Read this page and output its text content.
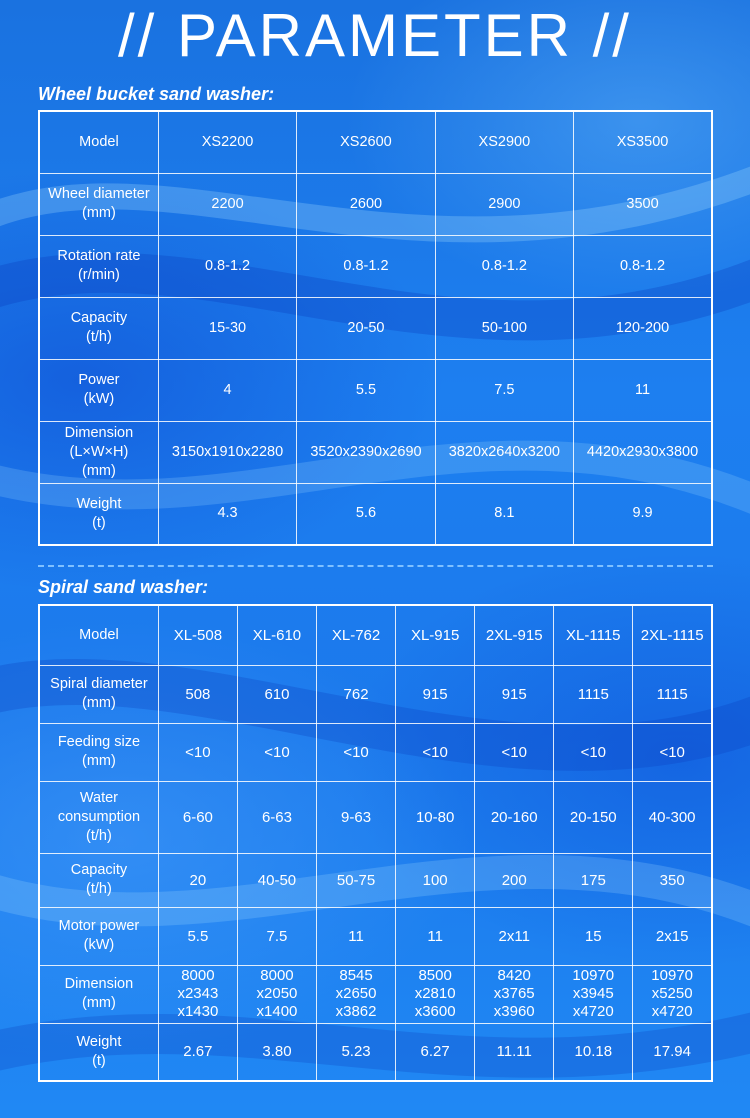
// PARAMETER //
Wheel bucket sand washer:
Model	XS2200	XS2600	XS2900	XS3500

Wheel diameter
(mm)	2200	2600	2900	3500

Rotation rate
(r/min)	0.8-1.2	0.8-1.2	0.8-1.2	0.8-1.2

Capacity
(t/h)	15-30	20-50	50-100	120-200

Power
(kW)	4	5.5	7.5	11

Dimension
(L×W×H)
(mm)	3150x1910x2280	3520x2390x2690	3820x2640x3200	4420x2930x3800

Weight
(t)	4.3	5.6	8.1	9.9
Spiral sand washer:
Model	XL-508	XL-610	XL-762	XL-915	2XL-915	XL-1115	2XL-1115

Spiral diameter
(mm)	508	610	762	915	915	1115	1115

Feeding size
(mm)	<10	<10	<10	<10	<10	<10	<10

Water
consumption
(t/h)	6-60	6-63	9-63	10-80	20-160	20-150	40-300

Capacity
(t/h)	20	40-50	50-75	100	200	175	350

Motor power
(kW)	5.5	7.5	11	11	2x11	15	2x15

Dimension
(mm)	8000
x2343
x1430	8000
x2050
x1400	8545
x2650
x3862	8500
x2810
x3600	8420
x3765
x3960	10970
x3945
x4720	10970
x5250
x4720

Weight
(t)	2.67	3.80	5.23	6.27	11.11	10.18	17.94
